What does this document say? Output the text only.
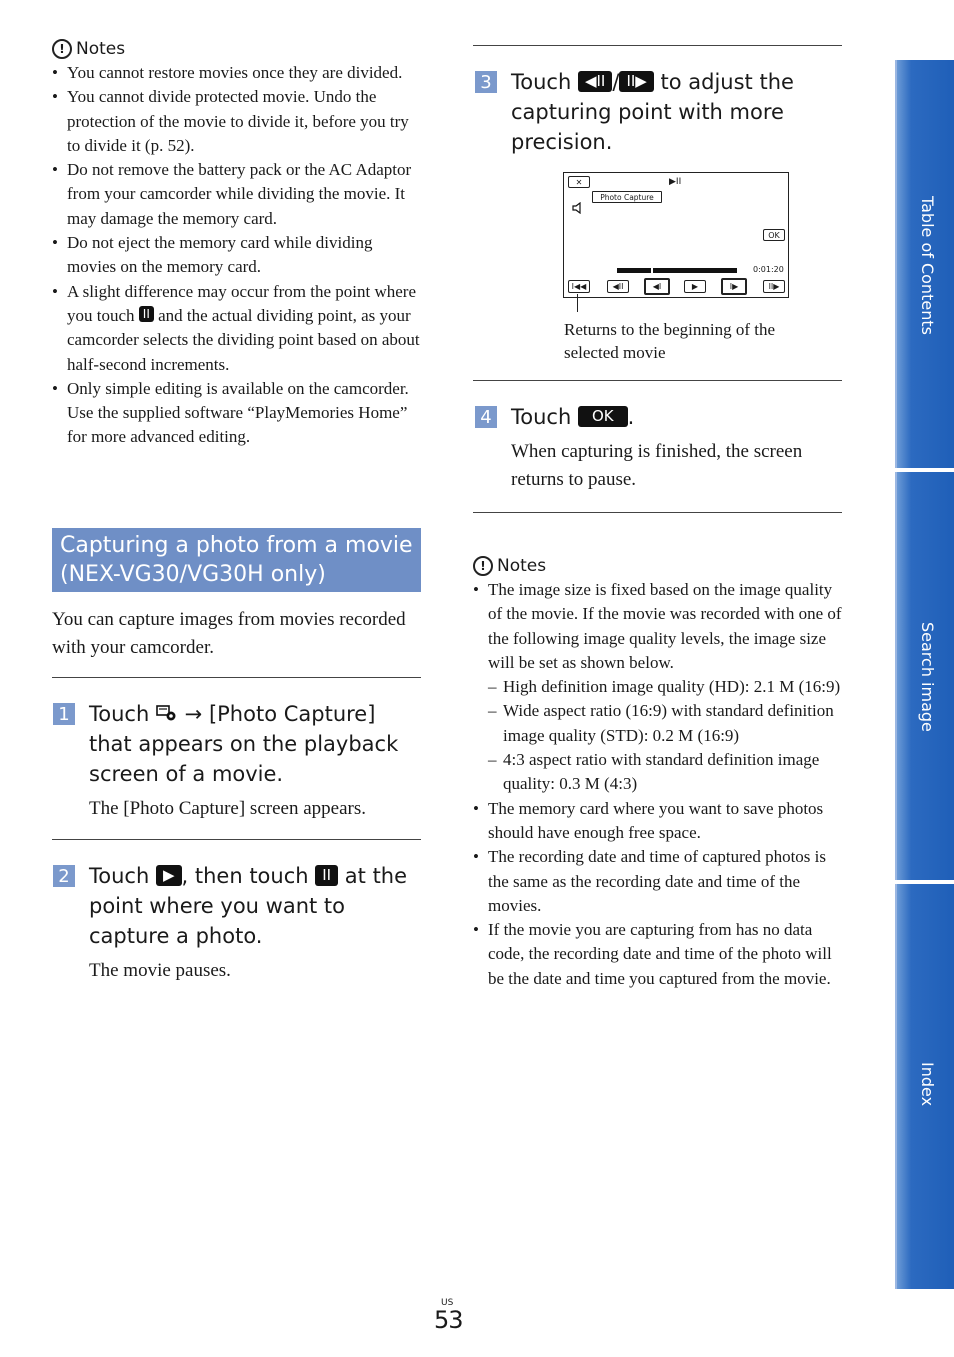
! Notes
• You cannot restore movies once they are divided.
• You cannot divide protected movie. Undo the protection of the movie to divide it, before you try to divide it (p. 52).
• Do not remove the battery pack or the AC Adaptor from your camcorder while dividing the movie. It may damage the memory card.
• Do not eject the memory card while dividing movies on the memory card.
• A slight difference may occur from the point where you touch II and the actual dividing point, as your camcorder selects the dividing point based on about half-second increments.
• Only simple editing is available on the camcorder. Use the supplied software “PlayMemories Home” for more advanced editing.
Capturing a photo from a movie
(NEX-VG30/VG30H only)
You can capture images from movies recorded with your camcorder.
1 Touch → [Photo Capture] that appears on the playback screen of a movie.
The [Photo Capture] screen appears.
2 Touch ▶ , then touch II at the point where you want to capture a photo.
The movie pauses.
3 Touch ◀II / II▶ to adjust the capturing point with more precision.
✕
Photo Capture
▶II
OK
0:01:20
I◀◀	◀II	◀I	▶	I▶	II▶
Returns to the beginning of the selected movie
4 Touch OK .
When capturing is finished, the screen returns to pause.
! Notes
• The image size is fixed based on the image quality of the movie. If the movie was recorded with one of the following image quality levels, the image size will be set as shown below.
– High definition image quality (HD): 2.1 M (16:9)
– Wide aspect ratio (16:9) with standard definition image quality (STD): 0.2 M (16:9)
– 4:3 aspect ratio with standard definition image quality: 0.3 M (4:3)
• The memory card where you want to save photos should have enough free space.
• The recording date and time of captured photos is the same as the recording date and time of the movies.
• If the movie you are capturing from has no data code, the recording date and time of the photo will be the date and time you captured from the movie.
Table of Contents
Search image
Index
US
53
